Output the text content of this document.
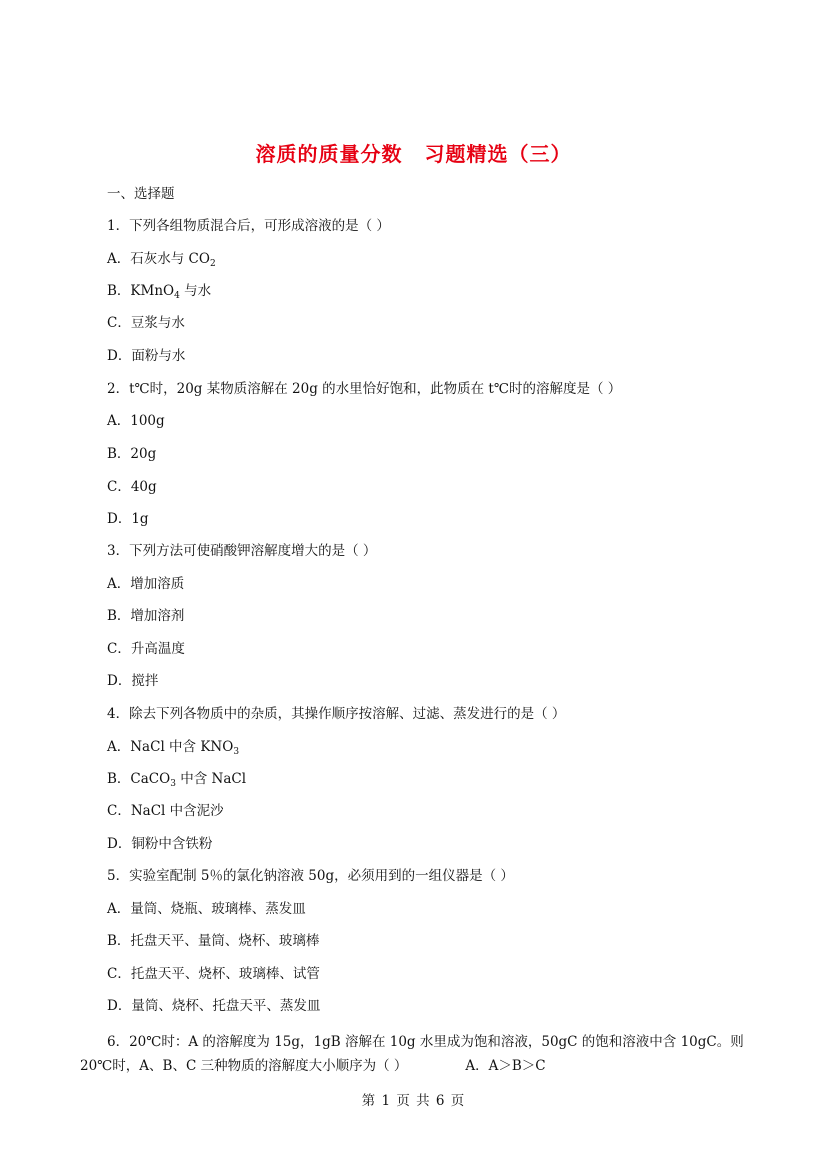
溶质的质量分数 习题精选（三）
一、选择题
1．下列各组物质混合后，可形成溶液的是（ ）
A．石灰水与 $CO_2$
B．KMnO$_4$ 与水
C．豆浆与水
D．面粉与水
2．t℃时，20g 某物质溶解在 20g 的水里恰好饱和，此物质在 t℃时的溶解度是（ ）
A．100g
B．20g
C．40g
D．1g
3．下列方法可使硝酸钾溶解度增大的是（ ）
A．增加溶质
B．增加溶剂
C．升高温度
D．搅拌
4．除去下列各物质中的杂质，其操作顺序按溶解、过滤、蒸发进行的是（ ）
A．NaCl 中含 $KNO_3$
B．CaCO$_3$ 中含 NaCl
C．NaCl 中含泥沙
D．铜粉中含铁粉
5．实验室配制 5％的氯化钠溶液 50g，必须用到的一组仪器是（ ）
A．量筒、烧瓶、玻璃棒、蒸发皿
B．托盘天平、量筒、烧杯、玻璃棒
C．托盘天平、烧杯、玻璃棒、试管
D．量筒、烧杯、托盘天平、蒸发皿
6．20℃时：A 的溶解度为 15g，1gB 溶解在 10g 水里成为饱和溶液，50gC 的饱和溶液中含 10gC。则
20℃时，A、B、C 三种物质的溶解度大小顺序为（ ）	A．A＞B＞C
第 1 页 共 6 页
